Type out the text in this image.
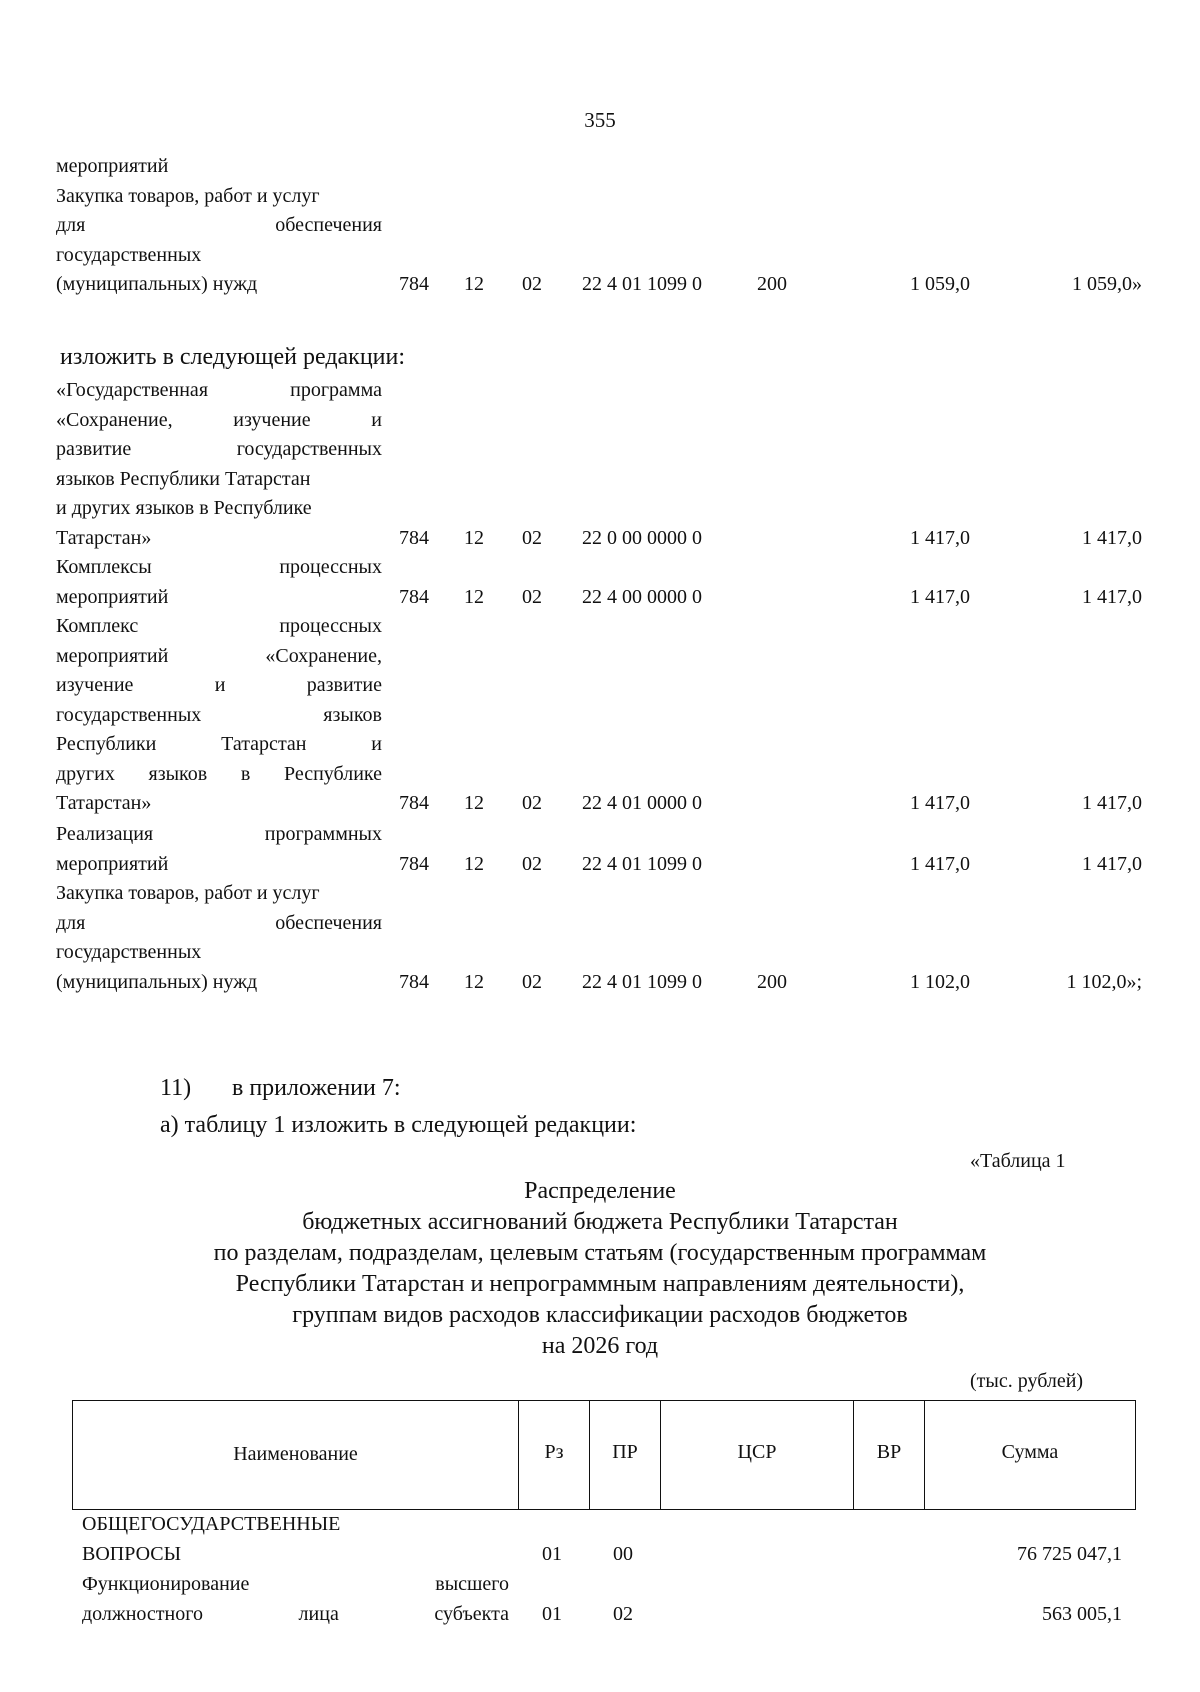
355
мероприятий
Закупка товаров, работ и услуг
для обеспечения
государственных
(муниципальных) нужд	784	12	02	22 4 01 1099 0	200	1 059,0	1 059,0»
изложить в следующей редакции:
«Государственная программа
«Сохранение, изучение и
развитие государственных
языков Республики Татарстан
и других языков в Республике
Татарстан»	784	12	02	22 0 00 0000 0	1 417,0	1 417,0
Комплексы процессных
мероприятий	784	12	02	22 4 00 0000 0	1 417,0	1 417,0
Комплекс процессных
мероприятий «Сохранение,
изучение и развитие
государственных языков
Республики Татарстан и
других языков в Республике
Татарстан»	784	12	02	22 4 01 0000 0	1 417,0	1 417,0
Реализация программных
мероприятий	784	12	02	22 4 01 1099 0	1 417,0	1 417,0
Закупка товаров, работ и услуг
для обеспечения
государственных
(муниципальных) нужд	784	12	02	22 4 01 1099 0	200	1 102,0	1 102,0»;
11) в приложении 7:
а) таблицу 1 изложить в следующей редакции:
«Таблица 1
Распределение
бюджетных ассигнований бюджета Республики Татарстан
по разделам, подразделам, целевым статьям (государственным программам
Республики Татарстан и непрограммным направлениям деятельности),
группам видов расходов классификации расходов бюджетов
на 2026 год
(тыс. рублей)
Наименование	Рз	ПР	ЦСР	ВР	Сумма
ОБЩЕГОСУДАРСТВЕННЫЕ
ВОПРОСЫ	01	00	76 725 047,1
Функционирование высшего
должностного лица субъекта 01	02	563 005,1
